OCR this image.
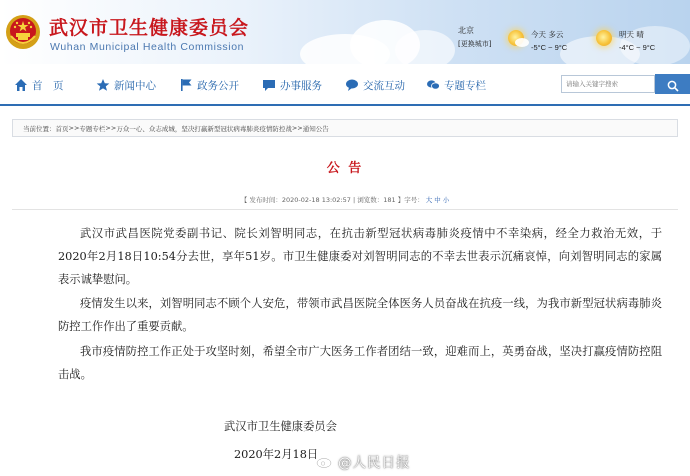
武汉市卫生健康委员会
Wuhan Municipal Health Commission
北京
[更换城市]
今天 多云
-5°C ~ 9°C
明天 晴
-4°C ~ 9°C
首　页	新闻中心	政务公开	办事服务	交流互动	专题专栏
请输入关键字搜索
当前位置： 首页 >> 专题专栏 >> 万众一心、众志成城，坚决打赢新型冠状病毒肺炎疫情防控战 >> 通知公告
公 告
【 发布时间：2020-02-18 13:02:57 | 浏览数：181 】字号： 大 中 小
武汉市武昌医院党委副书记、院长刘智明同志，在抗击新型冠状病毒肺炎疫情中不幸染病，经全力救治无效，于2020年2月18日10:54分去世，享年51岁。市卫生健康委对刘智明同志的不幸去世表示沉痛哀悼，向刘智明同志的家属表示诚挚慰问。
疫情发生以来，刘智明同志不顾个人安危，带领市武昌医院全体医务人员奋战在抗疫一线，为我市新型冠状病毒肺炎防控工作作出了重要贡献。
我市疫情防控工作正处于攻坚时刻，希望全市广大医务工作者团结一致，迎难而上，英勇奋战，坚决打赢疫情防控阻击战。
武汉市卫生健康委员会
2020年2月18日
@人民日报
